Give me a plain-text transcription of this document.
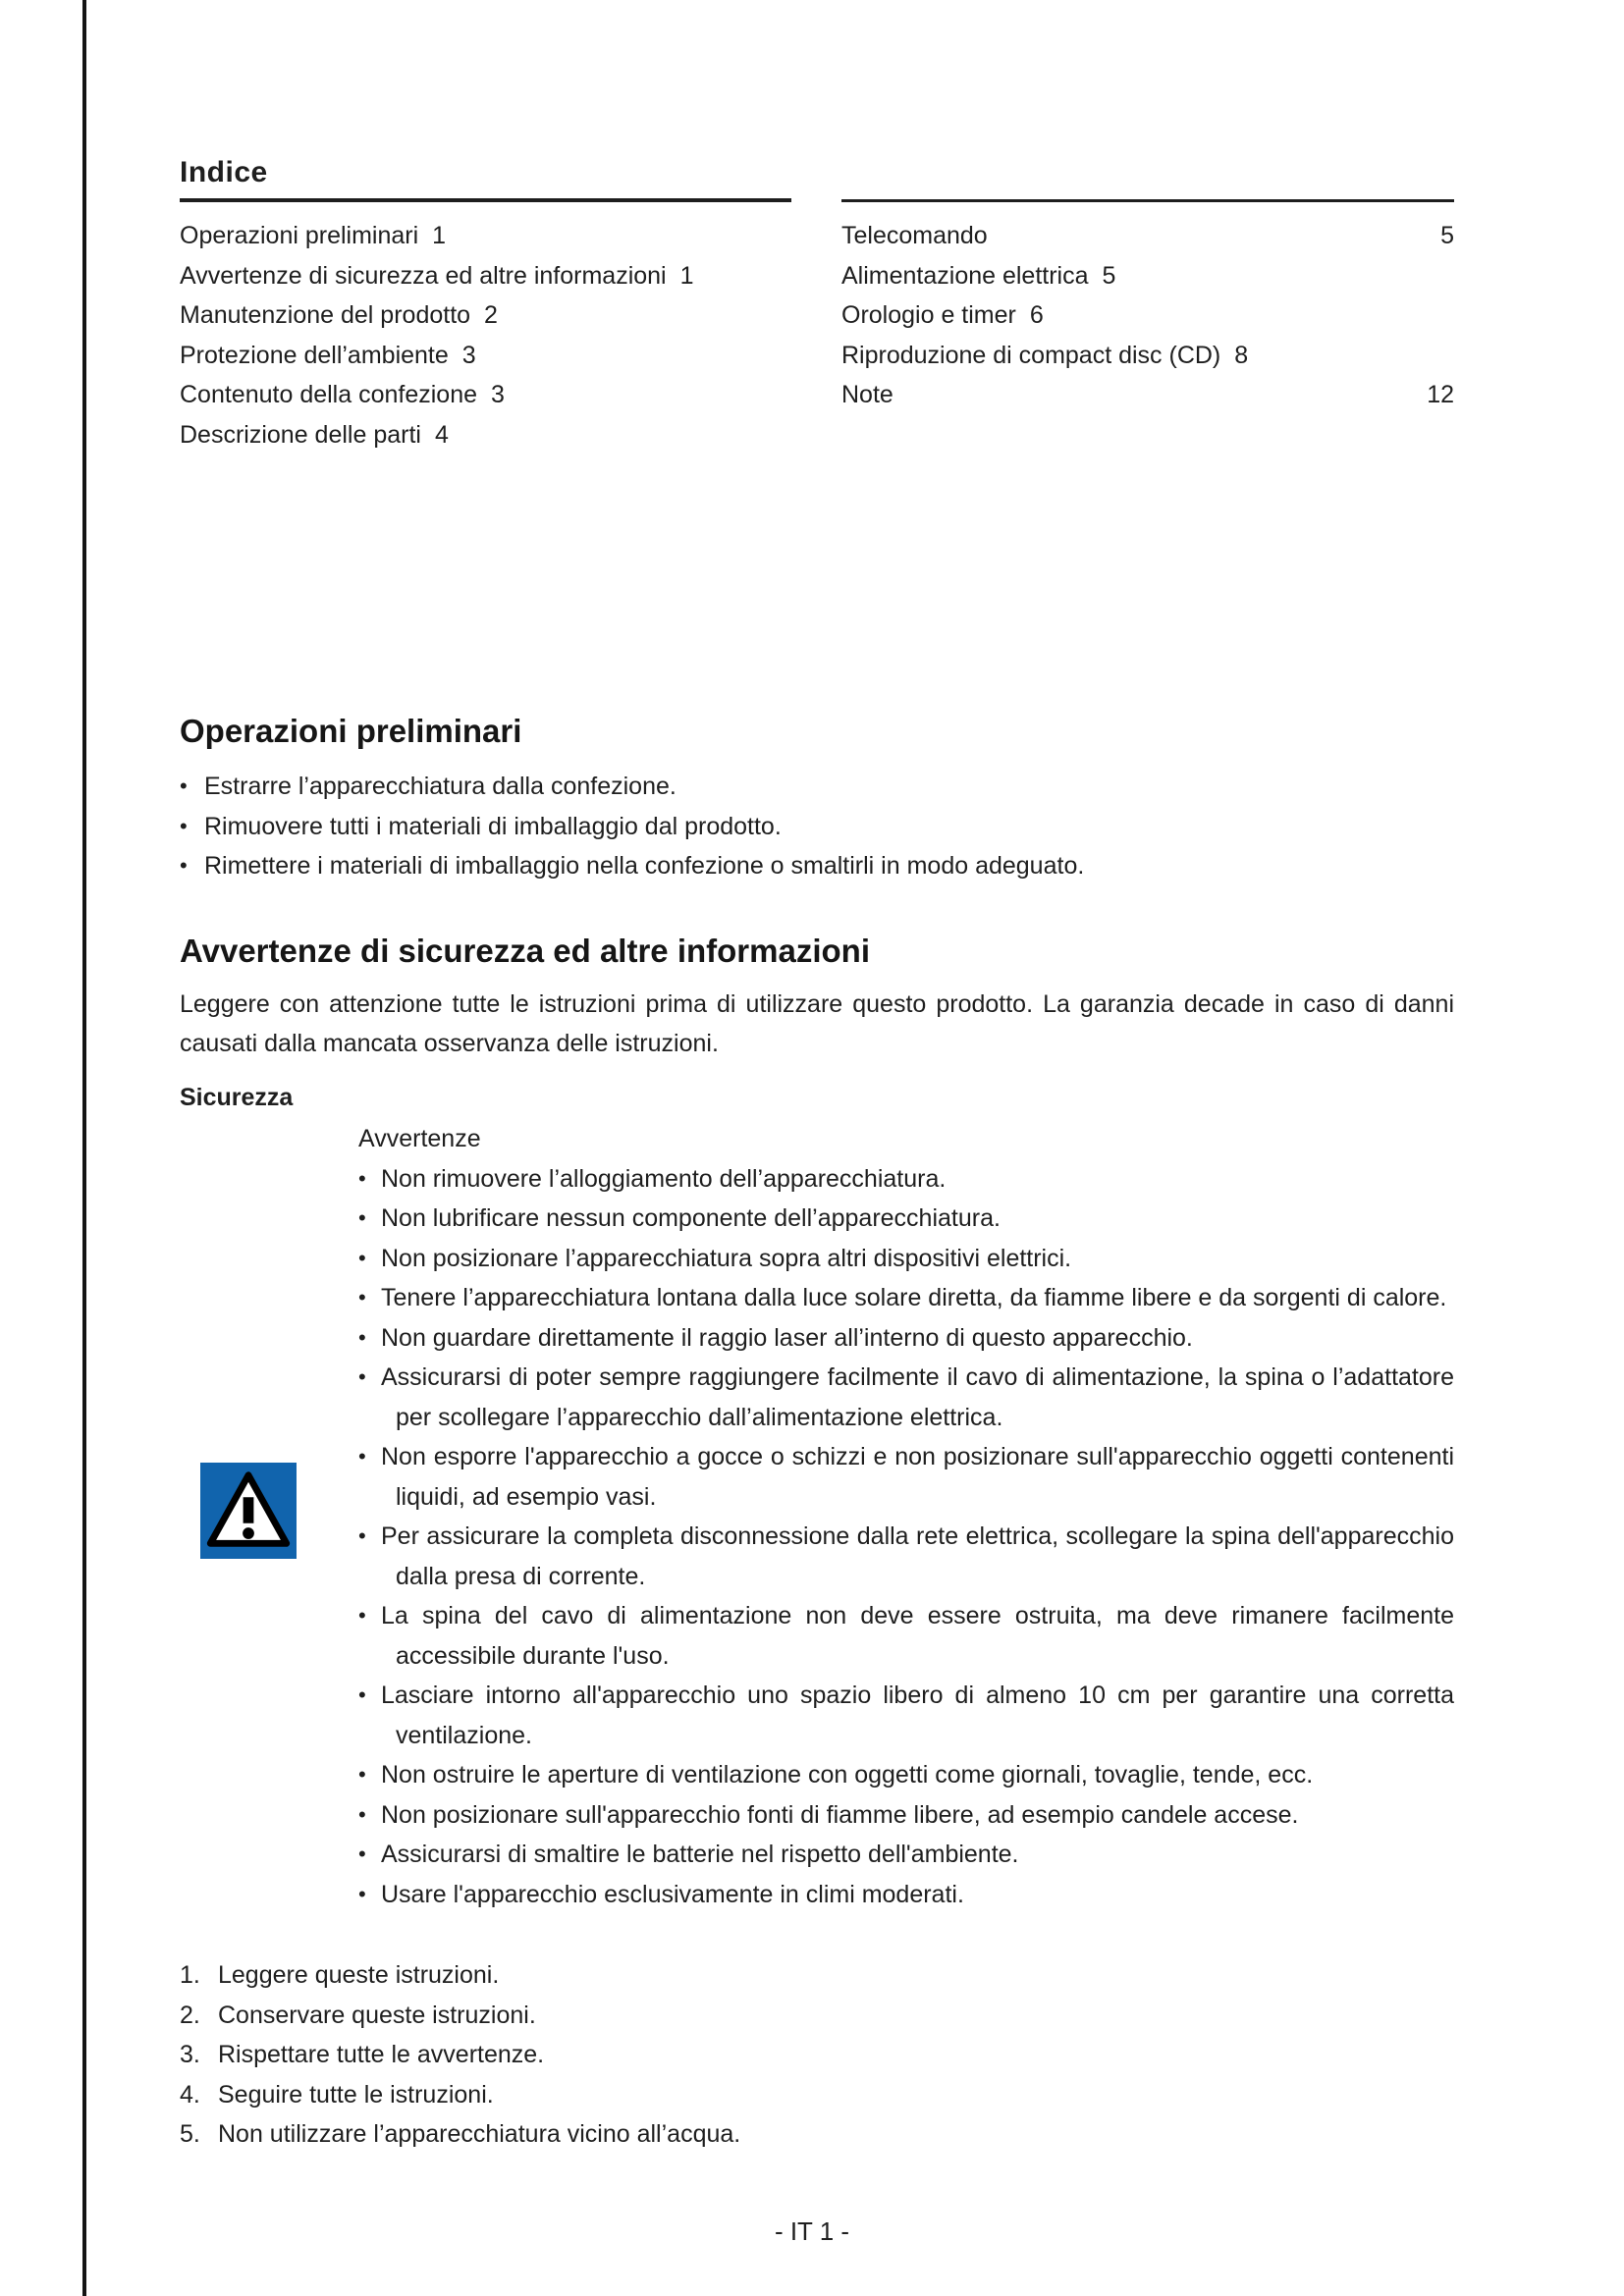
Indice
Operazioni preliminari 1
Avvertenze di sicurezza ed altre informazioni 1
Manutenzione del prodotto 2
Protezione dell’ambiente 3
Contenuto della confezione 3
Descrizione delle parti 4
Telecomando	5
Alimentazione elettrica 5
Orologio e timer 6
Riproduzione di compact disc (CD) 8
Note	12
Operazioni preliminari
• Estrarre l’apparecchiatura dalla confezione.
• Rimuovere tutti i materiali di imballaggio dal prodotto.
• Rimettere i materiali di imballaggio nella confezione o smaltirli in modo adeguato.
Avvertenze di sicurezza ed altre informazioni

Leggere con attenzione tutte le istruzioni prima di utilizzare questo prodotto. La garanzia decade in caso di danni causati dalla mancata osservanza delle istruzioni.

Sicurezza
Avvertenze
• Non rimuovere l’alloggiamento dell’apparecchiatura.
• Non lubrificare nessun componente dell’apparecchiatura.
• Non posizionare l’apparecchiatura sopra altri dispositivi elettrici.
• Tenere l’apparecchiatura lontana dalla luce solare diretta, da fiamme libere e da sorgenti di calore.
• Non guardare direttamente il raggio laser all’interno di questo apparecchio.
• Assicurarsi di poter sempre raggiungere facilmente il cavo di alimentazione, la spina o l’adattatore per scollegare l’apparecchio dall’alimentazione elettrica.
• Non esporre l'apparecchio a gocce o schizzi e non posizionare sull'apparecchio oggetti contenenti liquidi, ad esempio vasi.
• Per assicurare la completa disconnessione dalla rete elettrica, scollegare la spina dell'apparecchio dalla presa di corrente.
• La spina del cavo di alimentazione non deve essere ostruita, ma deve rimanere facilmente accessibile durante l'uso.
• Lasciare intorno all'apparecchio uno spazio libero di almeno 10 cm per garantire una corretta ventilazione.
• Non ostruire le aperture di ventilazione con oggetti come giornali, tovaglie, tende, ecc.
• Non posizionare sull'apparecchio fonti di fiamme libere, ad esempio candele accese.
• Assicurarsi di smaltire le batterie nel rispetto dell'ambiente.
• Usare l'apparecchio esclusivamente in climi moderati.
1. Leggere queste istruzioni.
2. Conservare queste istruzioni.
3. Rispettare tutte le avvertenze.
4. Seguire tutte le istruzioni.
5. Non utilizzare l’apparecchiatura vicino all’acqua.
- IT 1 -
